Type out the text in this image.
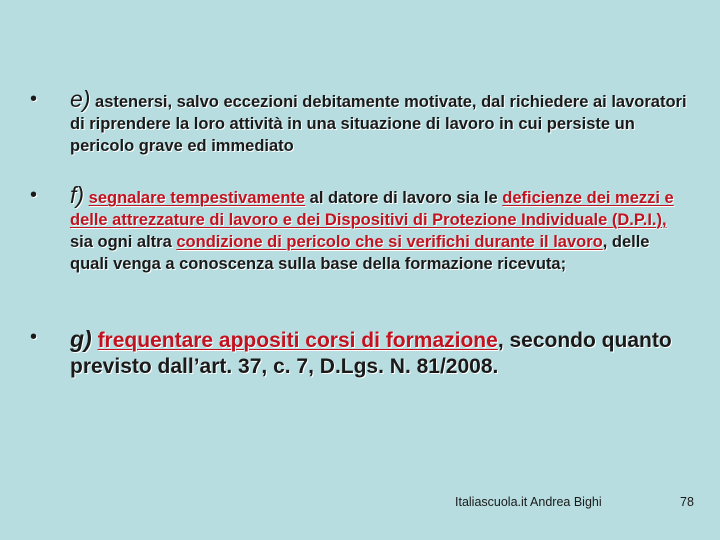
• e) astenersi, salvo eccezioni debitamente motivate, dal richiedere ai lavoratori di riprendere la loro attività in una situazione di lavoro in cui persiste un pericolo grave ed immediato
• f) segnalare tempestivamente al datore di lavoro sia le deficienze dei mezzi e delle attrezzature di lavoro e dei Dispositivi di Protezione Individuale (D.P.I.), sia ogni altra condizione di pericolo che si verifichi durante il lavoro, delle quali venga a conoscenza sulla base della formazione ricevuta;
• g) frequentare appositi corsi di formazione, secondo quanto previsto dall’art. 37, c. 7, D.Lgs. N. 81/2008.
Italiascuola.it Andrea Bighi	78
